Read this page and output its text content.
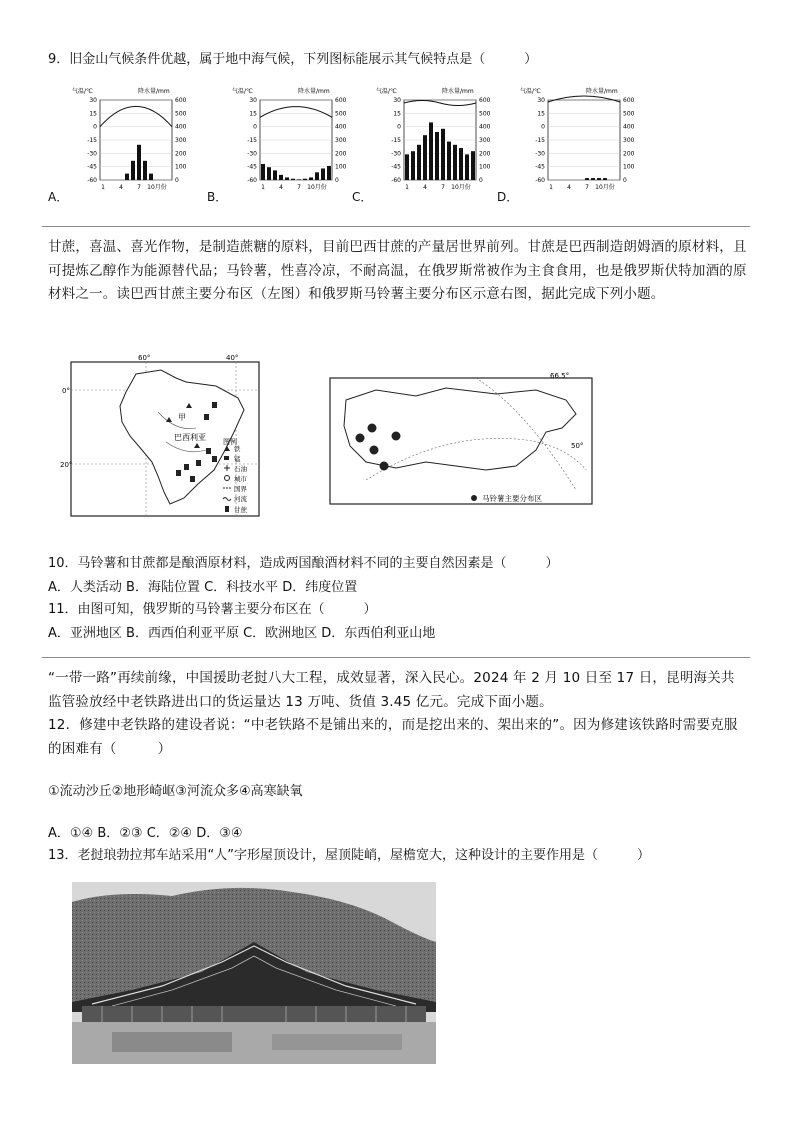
9．旧金山气候条件优越，属于地中海气候，下列图标能展示其气候特点是（　　　）
气温/℃	降水量/mm
30	600
15	500
0	400
-15	300
-30	200
-45	100
-60	0
1 4 7 10月份
气温/℃	降水量/mm
30	600
15	500
0	400
-15	300
-30	200
-45	100
-60	0
1 4 7 10月份
气温/℃	降水量/mm
30	600
15	500
0	400
-15	300
-30	200
-45	100
-60	0
1 4 7 10月份
气温/℃	降水量/mm
30	600
15	500
0	400
-15	300
-30	200
-45	100
-60	0
1 4 7 10月份
A．	B．	C．	D．
甘蔗，喜温、喜光作物，是制造蔗糖的原料，目前巴西甘蔗的产量居世界前列。甘蔗是巴西制造朗姆酒的原材料，且可提炼乙醇作为能源替代品；马铃薯，性喜冷凉，不耐高温，在俄罗斯常被作为主食食用，也是俄罗斯伏特加酒的原材料之一。读巴西甘蔗主要分布区（左图）和俄罗斯马铃薯主要分布区示意右图，据此完成下列小题。
60°	40°
0°
20°
甲
巴西利亚 图例
铁
锰
石油
城市
国界
河流
甘蔗
66.5°
50°
马铃薯主要分布区
10．马铃薯和甘蔗都是酿酒原材料，造成两国酿酒材料不同的主要自然因素是（　　　）
A．人类活动 B．海陆位置 C．科技水平 D．纬度位置
11．由图可知，俄罗斯的马铃薯主要分布区在（　　　）
A．亚洲地区 B．西西伯利亚平原 C．欧洲地区 D．东西伯利亚山地
“一带一路”再续前缘，中国援助老挝八大工程，成效显著，深入民心。2024 年 2 月 10 日至 17 日，昆明海关共监管验放经中老铁路进出口的货运量达 13 万吨、货值 3.45 亿元。完成下面小题。
12．修建中老铁路的建设者说：“中老铁路不是铺出来的，而是挖出来的、架出来的”。因为修建该铁路时需要克服的困难有（　　　）
①流动沙丘②地形崎岖③河流众多④高寒缺氧
A．①④ B．②③ C．②④ D．③④
13．老挝琅勃拉邦车站采用“人”字形屋顶设计，屋顶陡峭，屋檐宽大，这种设计的主要作用是（　　　）
